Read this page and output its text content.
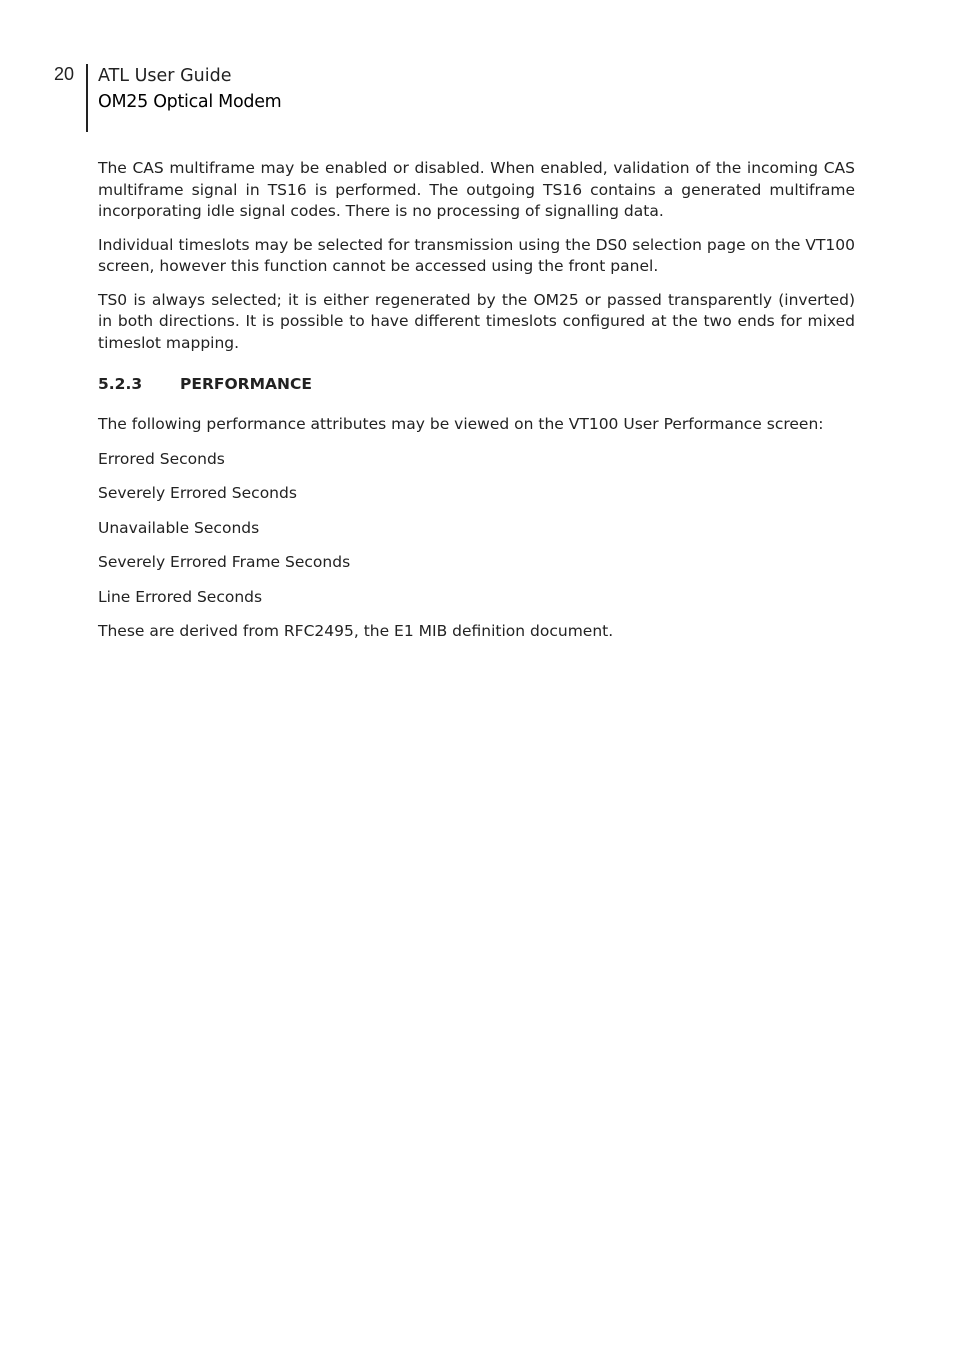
20 ATL User Guide
OM25 Optical Modem

The CAS multiframe may be enabled or disabled. When enabled, validation of the incoming CAS multiframe signal in TS16 is performed. The outgoing TS16 contains a generated multiframe incorporating idle signal codes. There is no processing of signalling data.

Individual timeslots may be selected for transmission using the DS0 selection page on the VT100 screen, however this function cannot be accessed using the front panel.

TS0 is always selected; it is either regenerated by the OM25 or passed transparently (inverted) in both directions. It is possible to have different timeslots configured at the two ends for mixed timeslot mapping.

5.2.3 PERFORMANCE

The following performance attributes may be viewed on the VT100 User Performance screen:

Errored Seconds

Severely Errored Seconds

Unavailable Seconds

Severely Errored Frame Seconds

Line Errored Seconds

These are derived from RFC2495, the E1 MIB definition document.
